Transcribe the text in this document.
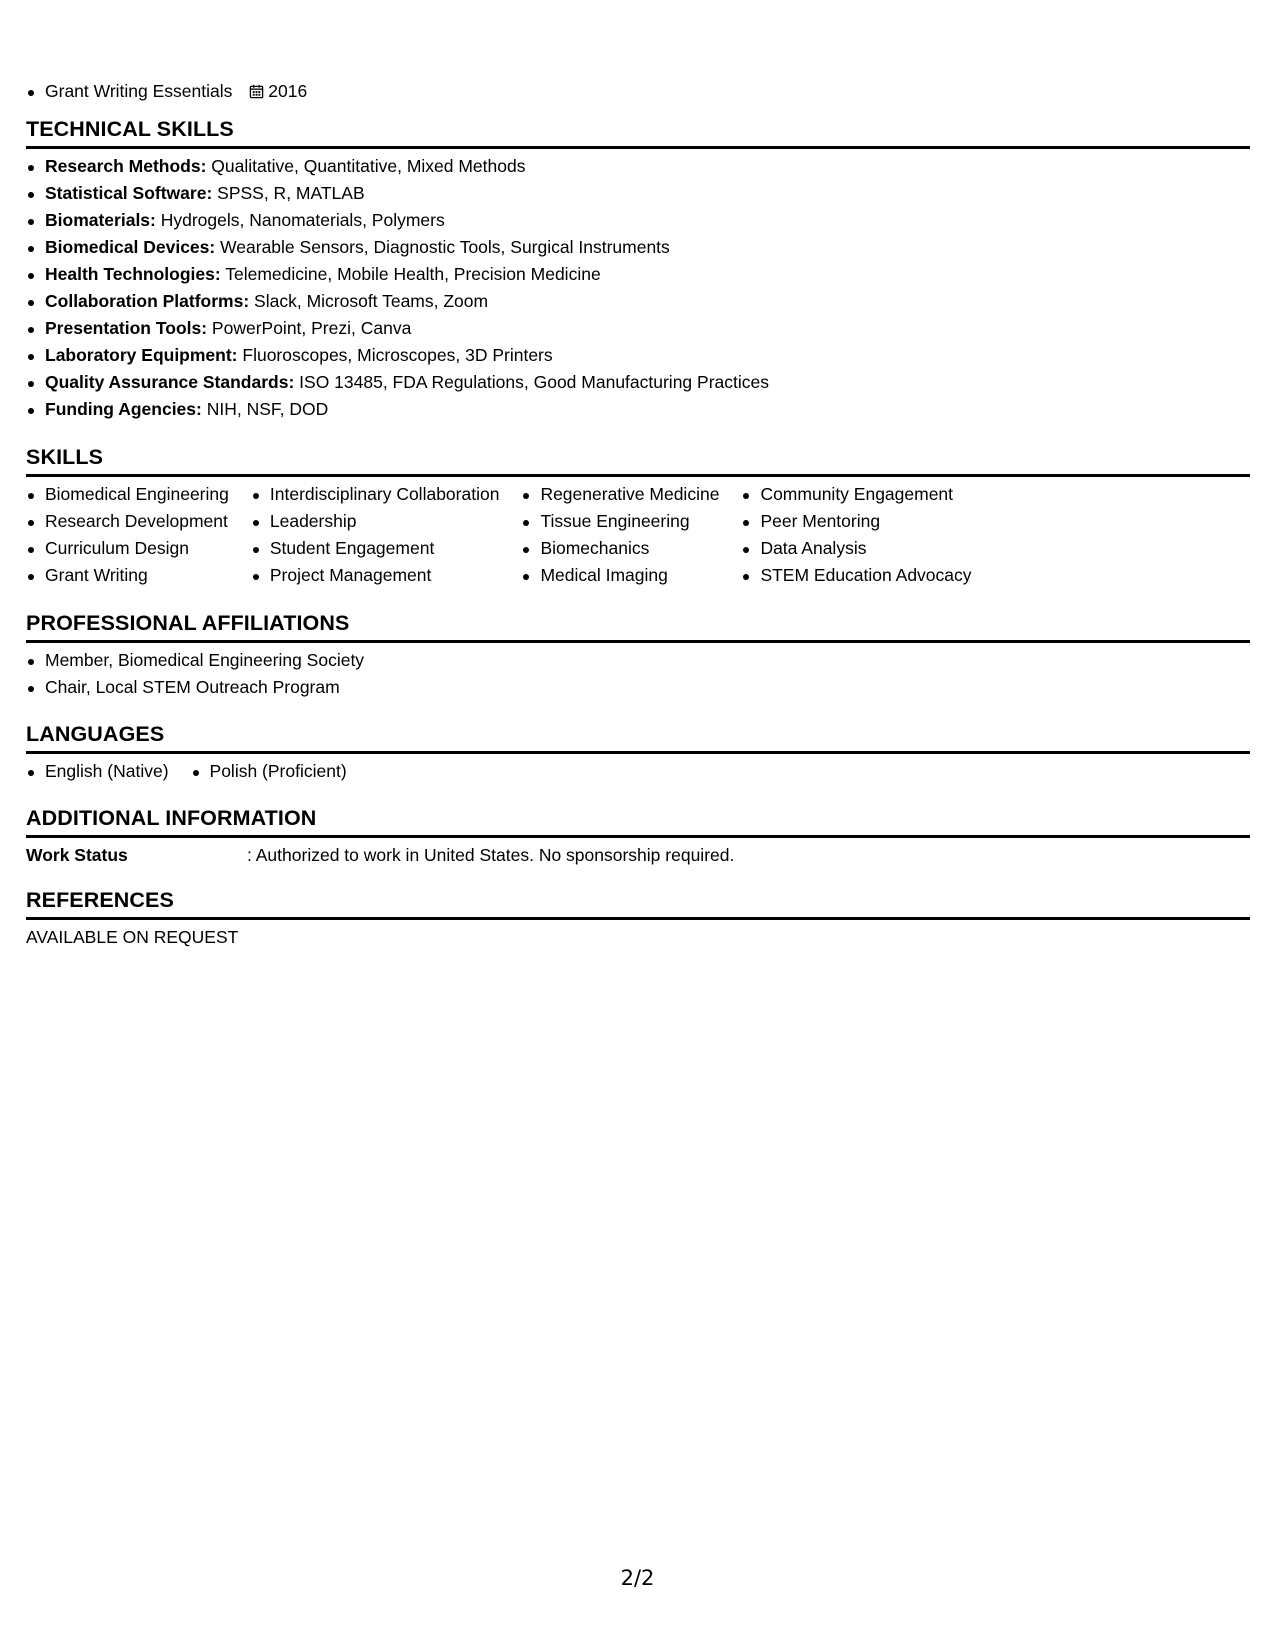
Grant Writing Essentials 2016
TECHNICAL SKILLS
Research Methods: Qualitative, Quantitative, Mixed Methods
Statistical Software: SPSS, R, MATLAB
Biomaterials: Hydrogels, Nanomaterials, Polymers
Biomedical Devices: Wearable Sensors, Diagnostic Tools, Surgical Instruments
Health Technologies: Telemedicine, Mobile Health, Precision Medicine
Collaboration Platforms: Slack, Microsoft Teams, Zoom
Presentation Tools: PowerPoint, Prezi, Canva
Laboratory Equipment: Fluoroscopes, Microscopes, 3D Printers
Quality Assurance Standards: ISO 13485, FDA Regulations, Good Manufacturing Practices
Funding Agencies: NIH, NSF, DOD
SKILLS
Biomedical Engineering
Research Development
Curriculum Design
Grant Writing
Interdisciplinary Collaboration
Leadership
Student Engagement
Project Management
Regenerative Medicine
Tissue Engineering
Biomechanics
Medical Imaging
Community Engagement
Peer Mentoring
Data Analysis
STEM Education Advocacy
PROFESSIONAL AFFILIATIONS
Member, Biomedical Engineering Society
Chair, Local STEM Outreach Program
LANGUAGES
English (Native)	Polish (Proficient)
ADDITIONAL INFORMATION
Work Status	: Authorized to work in United States. No sponsorship required.
REFERENCES
AVAILABLE ON REQUEST
2/2
